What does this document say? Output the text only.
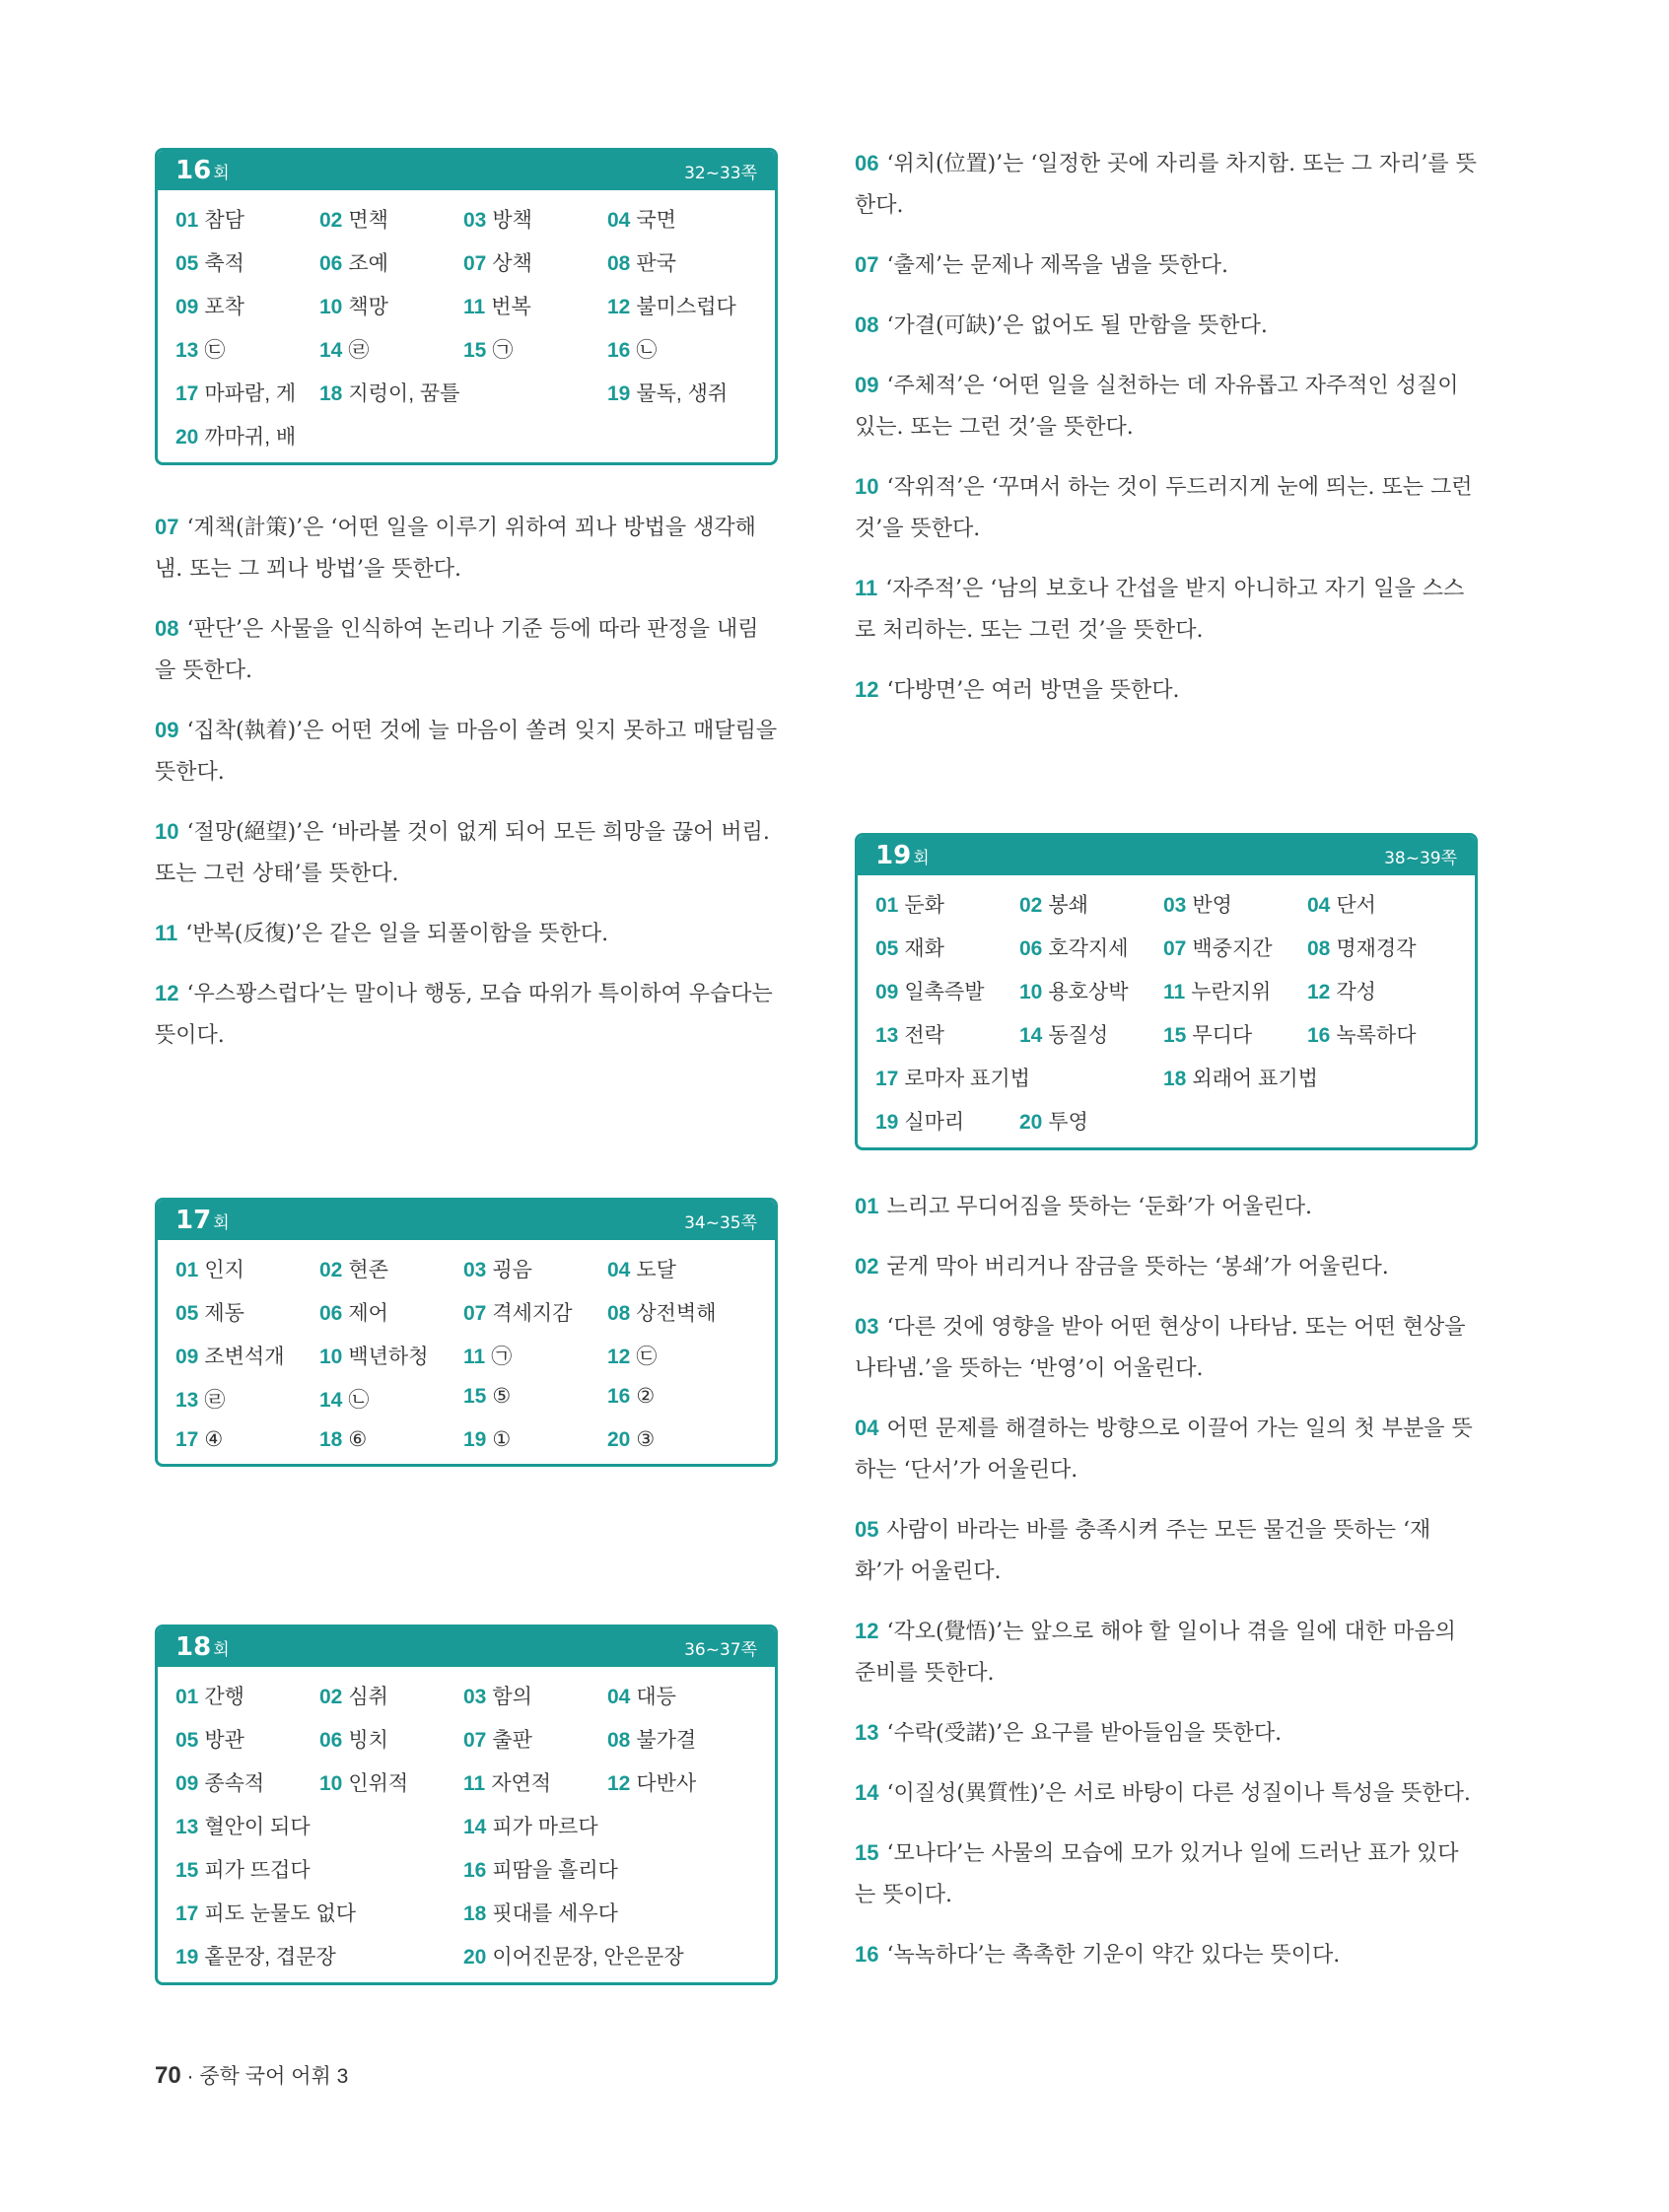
16 회	32~33쪽
01 참담	02 면책	03 방책	04 국면
05 축적	06 조예	07 상책	08 판국
09 포착	10 책망	11 번복	12 불미스럽다
13 ㉢	14 ㉣	15 ㉠	16 ㉡
17 마파람, 게	18 지렁이, 꿈틀	19 물독, 생쥐
20 까마귀, 배

07 ‘계책(計策)’은 ‘어떤 일을 이루기 위하여 꾀나 방법을 생각해 냄. 또는 그 꾀나 방법’을 뜻한다.

08 ‘판단’은 사물을 인식하여 논리나 기준 등에 따라 판정을 내림을 뜻한다.

09 ‘집착(執着)’은 어떤 것에 늘 마음이 쏠려 잊지 못하고 매달림을 뜻한다.

10 ‘절망(絕望)’은 ‘바라볼 것이 없게 되어 모든 희망을 끊어 버림. 또는 그런 상태’를 뜻한다.

11 ‘반복(反復)’은 같은 일을 되풀이함을 뜻한다.

12 ‘우스꽝스럽다’는 말이나 행동, 모습 따위가 특이하여 우습다는 뜻이다.

17 회	34~35쪽
01 인지	02 현존	03 굉음	04 도달
05 제동	06 제어	07 격세지감	08 상전벽해
09 조변석개	10 백년하청	11 ㉠	12 ㉢
13 ㉣	14 ㉡	15 ⑤	16 ②
17 ④	18 ⑥	19 ①	20 ③
18 회	36~37쪽
01 간행	02 심취	03 함의	04 대등
05 방관	06 빙치	07 출판	08 불가결
09 종속적	10 인위적	11 자연적	12 다반사
13 혈안이 되다	14 피가 마르다
15 피가 뜨겁다	16 피땀을 흘리다
17 피도 눈물도 없다	18 핏대를 세우다
19 홑문장, 겹문장	20 이어진문장, 안은문장

06 ‘위치(位置)’는 ‘일정한 곳에 자리를 차지함. 또는 그 자리’를 뜻한다.

07 ‘출제’는 문제나 제목을 냄을 뜻한다.

08 ‘가결(可缺)’은 없어도 될 만함을 뜻한다.

09 ‘주체적’은 ‘어떤 일을 실천하는 데 자유롭고 자주적인 성질이 있는. 또는 그런 것’을 뜻한다.

10 ‘작위적’은 ‘꾸며서 하는 것이 두드러지게 눈에 띄는. 또는 그런 것’을 뜻한다.

11 ‘자주적’은 ‘남의 보호나 간섭을 받지 아니하고 자기 일을 스스로 처리하는. 또는 그런 것’을 뜻한다.

12 ‘다방면’은 여러 방면을 뜻한다.

19 회	38~39쪽
01 둔화	02 봉쇄	03 반영	04 단서
05 재화	06 호각지세	07 백중지간	08 명재경각
09 일촉즉발	10 용호상박	11 누란지위	12 각성
13 전락	14 동질성	15 무디다	16 녹록하다
17 로마자 표기법	18 외래어 표기법
19 실마리	20 투영

01 느리고 무디어짐을 뜻하는 ‘둔화’가 어울린다.

02 굳게 막아 버리거나 잠금을 뜻하는 ‘봉쇄’가 어울린다.

03 ‘다른 것에 영향을 받아 어떤 현상이 나타남. 또는 어떤 현상을 나타냄.’을 뜻하는 ‘반영’이 어울린다.

04 어떤 문제를 해결하는 방향으로 이끌어 가는 일의 첫 부분을 뜻하는 ‘단서’가 어울린다.

05 사람이 바라는 바를 충족시켜 주는 모든 물건을 뜻하는 ‘재화’가 어울린다.

12 ‘각오(覺悟)’는 앞으로 해야 할 일이나 겪을 일에 대한 마음의 준비를 뜻한다.

13 ‘수락(受諾)’은 요구를 받아들임을 뜻한다.

14 ‘이질성(異質性)’은 서로 바탕이 다른 성질이나 특성을 뜻한다.

15 ‘모나다’는 사물의 모습에 모가 있거나 일에 드러난 표가 있다는 뜻이다.

16 ‘녹녹하다’는 촉촉한 기운이 약간 있다는 뜻이다.

70 · 중학 국어 어휘 3
